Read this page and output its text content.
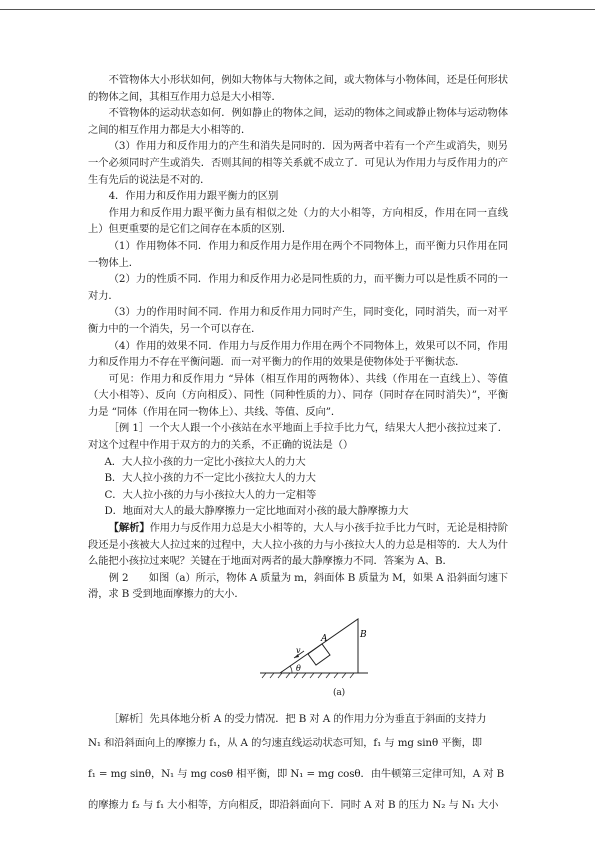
不管物体大小形状如何，例如大物体与大物体之间，或大物体与小物体间，还是任何形状的物体之间，其相互作用力总是大小相等．

不管物体的运动状态如何．例如静止的物体之间，运动的物体之间或静止物体与运动物体之间的相互作用力都是大小相等的．

（3）作用力和反作用力的产生和消失是同时的．因为两者中若有一个产生或消失，则另一个必须同时产生或消失．否则其间的相等关系就不成立了．可见认为作用力与反作用力的产生有先后的说法是不对的．

4．作用力和反作用力跟平衡力的区别

作用力和反作用力跟平衡力虽有相似之处（力的大小相等，方向相反，作用在同一直线上）但更重要的是它们之间存在本质的区别．

（1）作用物体不同．作用力和反作用力是作用在两个不同物体上，而平衡力只作用在同一物体上．

（2）力的性质不同．作用力和反作用力必是同性质的力，而平衡力可以是性质不同的一对力．

（3）力的作用时间不同．作用力和反作用力同时产生，同时变化，同时消失，而一对平衡力中的一个消失，另一个可以存在．

（4）作用的效果不同．作用力与反作用力作用在两个不同物体上，效果可以不同，作用力和反作用力不存在平衡问题．而一对平衡力的作用的效果是使物体处于平衡状态．

可见：作用力和反作用力 “异体（相互作用的两物体）、共线（作用在一直线上）、等值（大小相等）、反向（方向相反）、同性（同种性质的力）、同存（同时存在同时消失）”，平衡力是 “同体（作用在同一物体上）、共线、等值、反向”．

［例 1］一个大人跟一个小孩站在水平地面上手拉手比力气，结果大人把小孩拉过来了．对这个过程中作用于双方的力的关系，不正确的说法是（）

A．大人拉小孩的力一定比小孩拉大人的力大

B．大人拉小孩的力不一定比小孩拉大人的力大

C．大人拉小孩的力与小孩拉大人的力一定相等

D．地面对大人的最大静摩擦力一定比地面对小孩的最大静摩擦力大

【解析】作用力与反作用力总是大小相等的，大人与小孩手拉手比力气时，无论是相持阶段还是小孩被大人拉过来的过程中，大人拉小孩的力与小孩拉大人的力总是相等的．大人为什么能把小孩拉过来呢？关键在于地面对两者的最大静摩擦力不同．答案为 A、B．

例 2　　如图（a）所示，物体 A 质量为 m，斜面体 B 质量为 M，如果 A 沿斜面匀速下滑，求 B 受到地面摩擦力的大小．

A	B
θ
v
(a)

［解析］先具体地分析 A 的受力情况．把 B 对 A 的作用力分为垂直于斜面的支持力

N₁ 和沿斜面向上的摩擦力 f₁，从 A 的匀速直线运动状态可知，f₁ 与 mg sinθ 平衡，即

f₁ = mg sinθ，N₁ 与 mg cosθ 相平衡，即 N₁ = mg cosθ．由牛顿第三定律可知，A 对 B

的摩擦力 f₂ 与 f₁ 大小相等，方向相反，即沿斜面向下．同时 A 对 B 的压力 N₂ 与 N₁ 大小
